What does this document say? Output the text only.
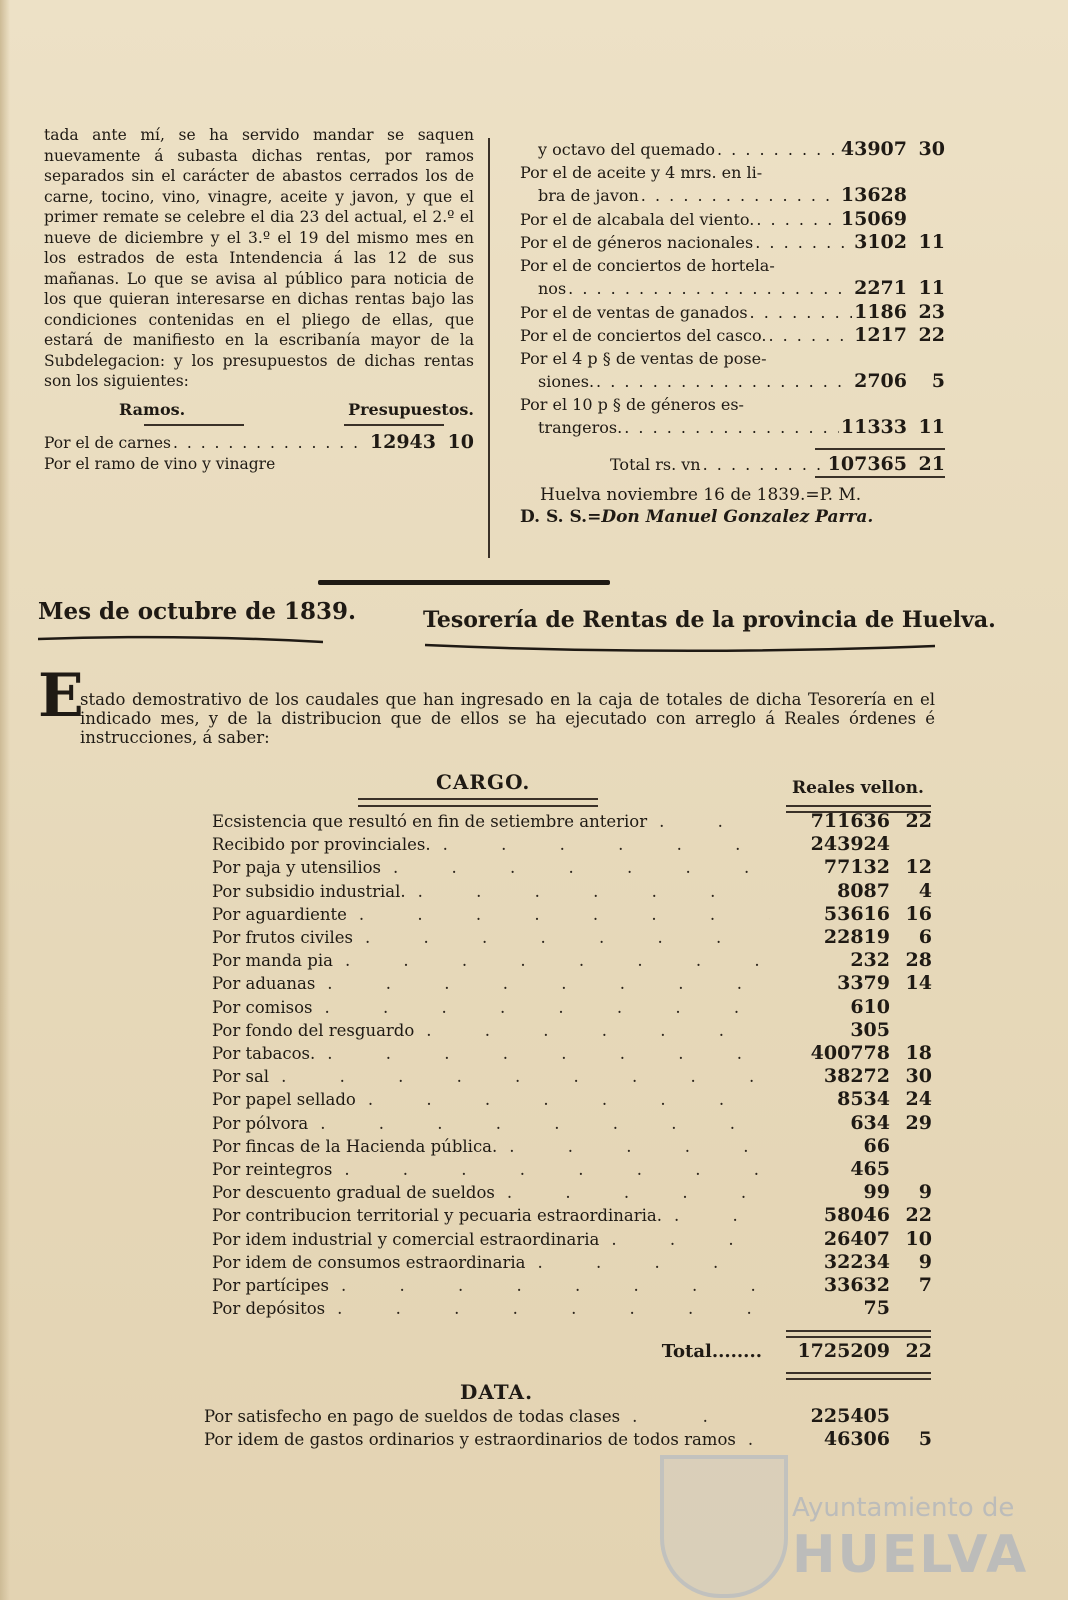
tada ante mí, se ha servido mandar se saquen nuevamente á subasta dichas rentas, por ramos separados sin el carácter de abastos cerrados los de carne, tocino, vino, vinagre, aceite y javon, y que el primer remate se celebre el dia 23 del actual, el 2.º el nueve de diciembre y el 3.º el 19 del mismo mes en los estrados de esta Intendencia á las 12 de sus mañanas. Lo que se avisa al público para noticia de los que quieran interesarse en dichas rentas bajo las condiciones contenidas en el pliego de ellas, que estará de manifiesto en la escribanía mayor de la Subdelegacion: y los presupuestos de dichas rentas son los siguientes:
Ramos.	Presupuestos.
Por el de carnes . . .	12943 10
Por el ramo de vino y vinagre
y octavo del quemado . . .	43907 30
Por el de aceite y 4 mrs. en li-
bra de javon . . .	13628
Por el de alcabala del viento. . . .	15069
Por el de géneros nacionales . . .	3102 11
Por el de conciertos de hortela-
nos . . .	2271 11
Por el de ventas de ganados . . .	1186 23
Por el de conciertos del casco. . . .	1217 22
Por el 4 p § de ventas de pose-
siones. . . .	2706	5
Por el 10 p § de géneros es-
trangeros. . . .	11333 11
Total rs. vn . . .	107365 21
Huelva noviembre 16 de 1839.=P. M.
D. S. S.=Don Manuel Gonzalez Parra.
Mes de octubre de 1839.	Tesorería de Rentas de la provincia de Huelva.
E
stado demostrativo de los caudales que han ingresado en la caja de totales de dicha Tesorería en el indicado mes, y de la distribucion que de ellos se ha ejecutado con arreglo á Reales órdenes é instrucciones, á saber:
CARGO.	Reales vellon.
Ecsistencia que resultó en fin de setiembre anterior . . .	711636 22
Recibido por provinciales. . . .	243924
Por paja y utensilios . . .	77132 12
Por subsidio industrial. . . .	8087	4
Por aguardiente . . .	53616 16
Por frutos civiles . . .	22819	6
Por manda pia . . .	232 28
Por aduanas . . .	3379 14
Por comisos . . .	610
Por fondo del resguardo . . .	305
Por tabacos. . . .	400778 18
Por sal . . .	38272 30
Por papel sellado . . .	8534 24
Por pólvora . . .	634 29
Por fincas de la Hacienda pública. . . .	66
Por reintegros . . .	465
Por descuento gradual de sueldos . . .	99	9
Por contribucion territorial y pecuaria estraordinaria. . . .	58046 22
Por idem industrial y comercial estraordinaria . . .	26407 10
Por idem de consumos estraordinaria . . .	32234	9
Por partícipes . . .	33632	7
Por depósitos . . .	75
Total........	1725209 22
DATA.
Por satisfecho en pago de sueldos de todas clases . . .	225405
Por idem de gastos ordinarios y estraordinarios de todos ramos . . .	46306	5
Ayuntamiento de
HUELVA
